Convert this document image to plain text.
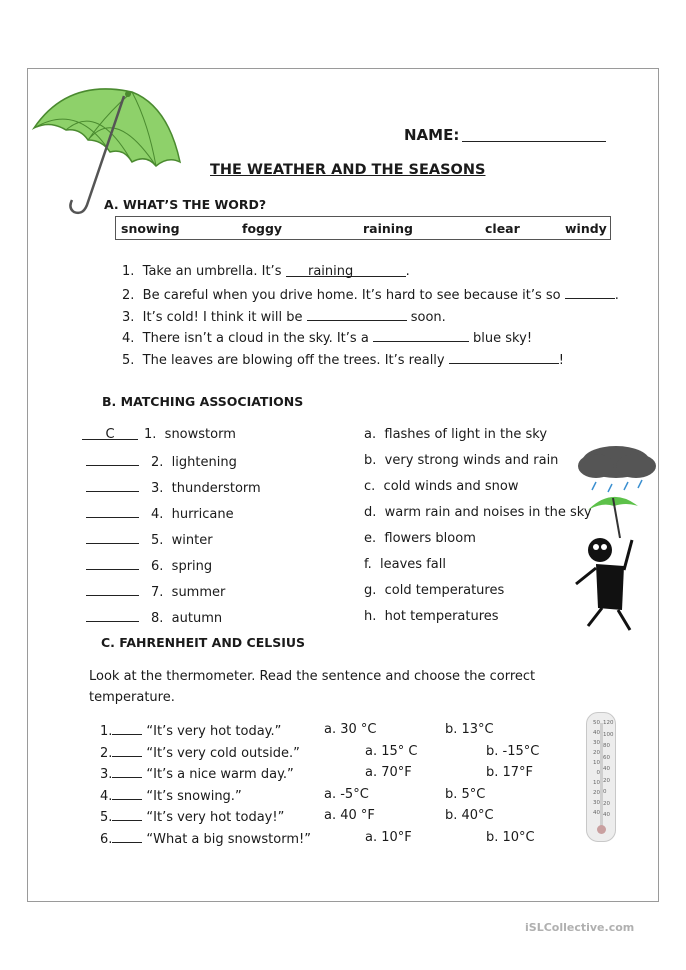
NAME:
THE WEATHER AND THE SEASONS
A. WHAT’S THE WORD?
snowing	foggy	raining	clear	windy
1. Take an umbrella. It’s raining	.
2. Be careful when you drive home. It’s hard to see because it’s so	.
3. It’s cold! I think it will be	soon.
4. There isn’t a cloud in the sky. It’s a	blue sky!
5. The leaves are blowing off the trees. It’s really	!
B. MATCHING ASSOCIATIONS
C 1. snowstorm
2. lightening
3. thunderstorm
4. hurricane
5. winter
6. spring
7. summer
8. autumn
a. flashes of light in the sky
b. very strong winds and rain
c. cold winds and snow
d. warm rain and noises in the sky
e. flowers bloom
f. leaves fall
g. cold temperatures
h. hot temperatures
C. FAHRENHEIT AND CELSIUS
Look at the thermometer. Read the sentence and choose the correct
temperature.
1.	“It’s very hot today.”	a. 30 °C	b. 13°C
2.	“It’s very cold outside.”	a. 15° C	b. -15°C
3.	“It’s a nice warm day.”	a. 70°F	b. 17°F
4.	“It’s snowing.”	a. -5°C	b. 5°C
5.	“It’s very hot today!”	a. 40 °F	b. 40°C
6.	“What a big snowstorm!”	a. 10°F	b. 10°C
50
40
30
20
10
0
10
20
30
40
120
100
80
60
40
20
0
20
40
iSLCollective.com
